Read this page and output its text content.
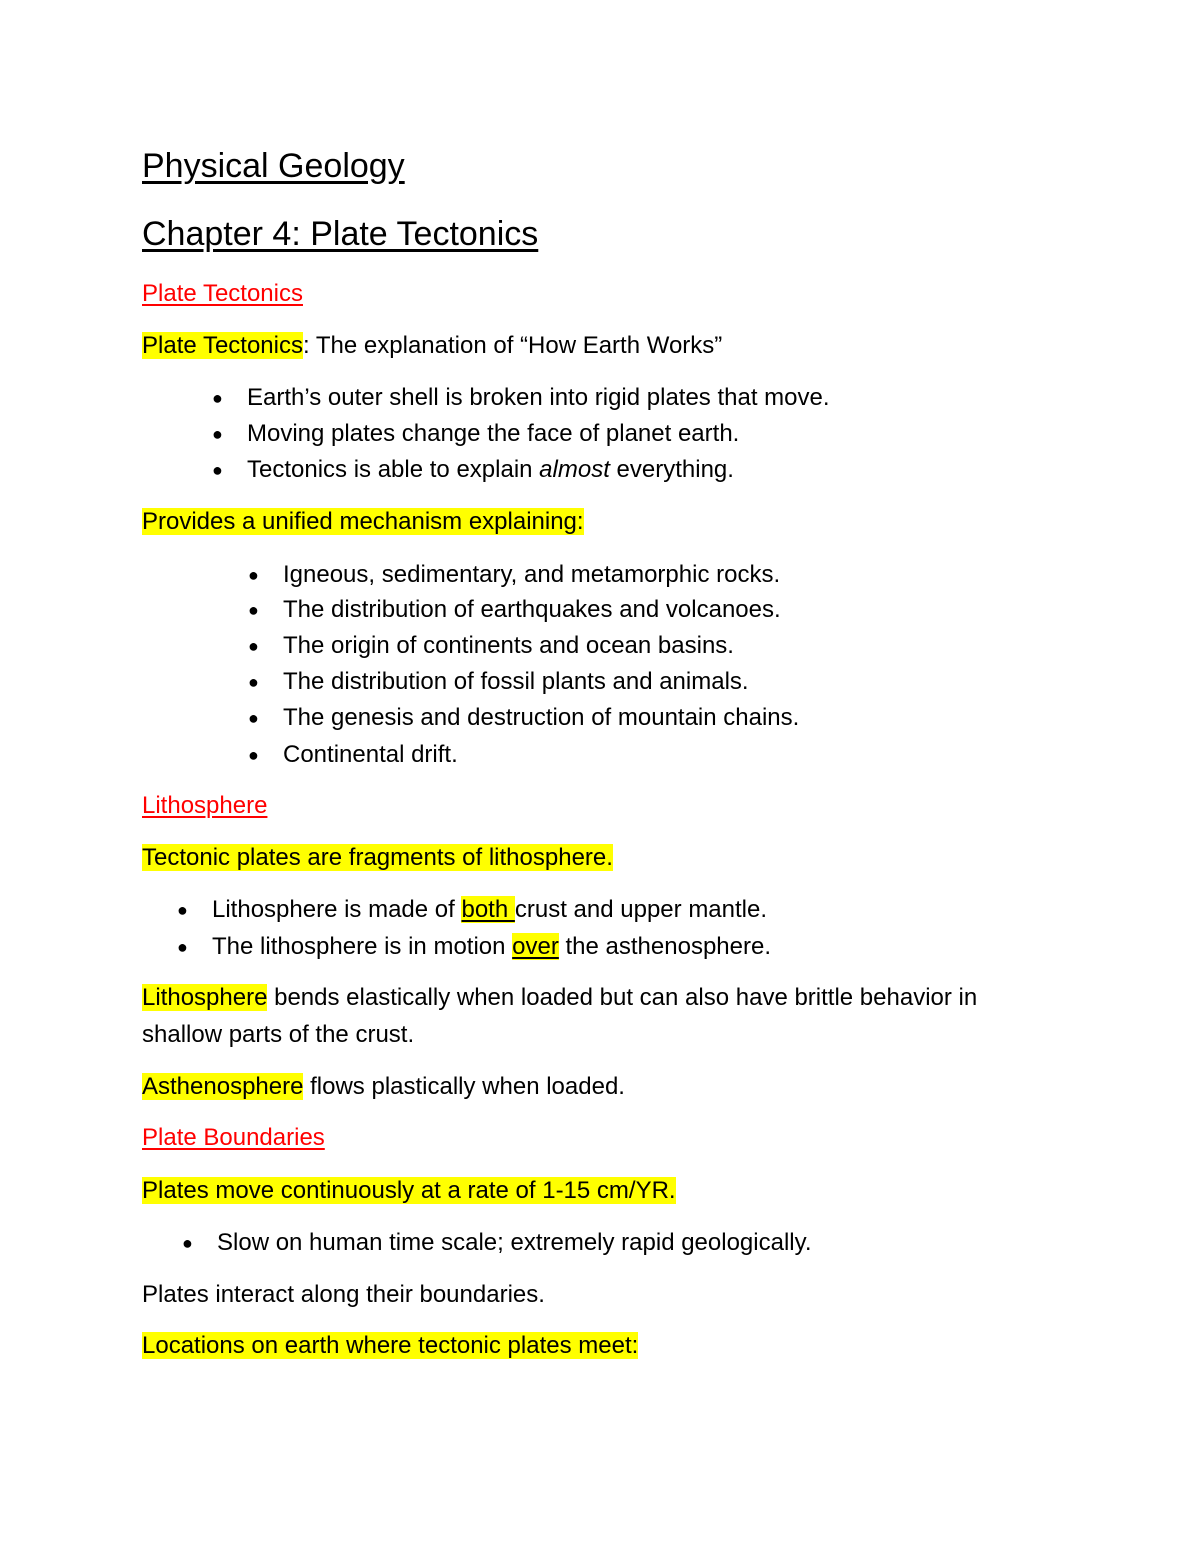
Physical Geology
Chapter 4: Plate Tectonics
Plate Tectonics
Plate Tectonics: The explanation of “How Earth Works”
● Earth’s outer shell is broken into rigid plates that move.
● Moving plates change the face of planet earth.
● Tectonics is able to explain almost everything.
Provides a unified mechanism explaining:
● Igneous, sedimentary, and metamorphic rocks.
● The distribution of earthquakes and volcanoes.
● The origin of continents and ocean basins.
● The distribution of fossil plants and animals.
● The genesis and destruction of mountain chains.
● Continental drift.
Lithosphere
Tectonic plates are fragments of lithosphere.
● Lithosphere is made of both crust and upper mantle.
● The lithosphere is in motion over the asthenosphere.
Lithosphere bends elastically when loaded but can also have brittle behavior in
shallow parts of the crust.
Asthenosphere flows plastically when loaded.
Plate Boundaries
Plates move continuously at a rate of 1-15 cm/YR.
● Slow on human time scale; extremely rapid geologically.
Plates interact along their boundaries.
Locations on earth where tectonic plates meet:
